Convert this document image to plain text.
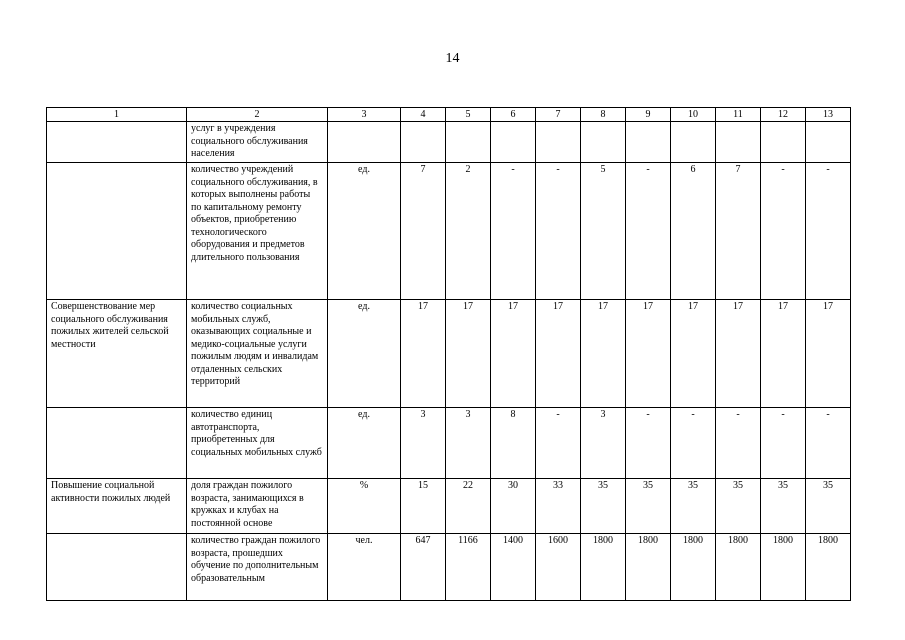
14
1	2	3	4	5	6	7	8	9	10	11	12	13
	услуг в учреждения социального обслуживания населения											
	количество учреждений социального обслуживания, в которых выполнены работы по капитальному ремонту объектов, приобретению технологического оборудования и предметов длительного пользования	ед.	7	2	-	-	5	-	6	7	-	-
Совершенствование мер социального обслуживания пожилых жителей сельской местности	количество социальных мобильных служб, оказывающих социальные и медико-социальные услуги пожилым людям и инвалидам отдаленных сельских территорий	ед.	17	17	17	17	17	17	17	17	17	17
	количество единиц автотранспорта, приобретенных для социальных мобильных служб	ед.	3	3	8	-	3	-	-	-	-	-
Повышение социальной активности пожилых людей	доля граждан пожилого возраста, занимающихся в кружках и клубах на постоянной основе	%	15	22	30	33	35	35	35	35	35	35
	количество граждан пожилого возраста, прошедших обучение по дополнительным образовательным	чел.	647	1166	1400	1600	1800	1800	1800	1800	1800	1800
